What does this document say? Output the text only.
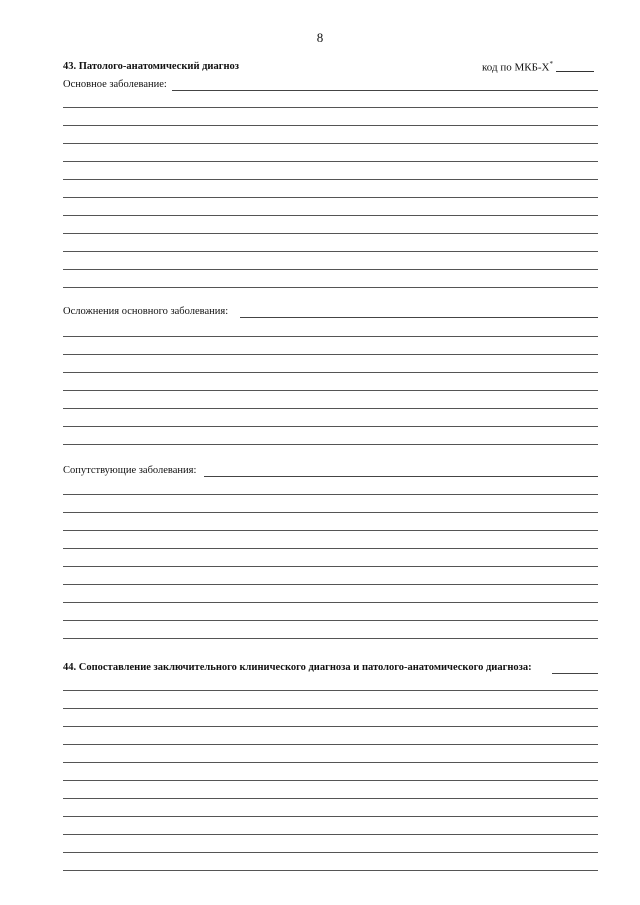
8
43. Патолого-анатомический диагноз	код по МКБ-Х*
Основное заболевание:
Осложнения основного заболевания:
Сопутствующие заболевания:
44. Сопоставление заключительного клинического диагноза и патолого-анатомического диагноза:
